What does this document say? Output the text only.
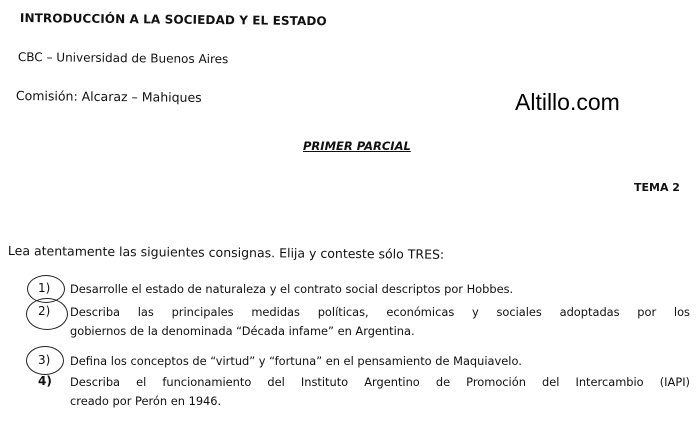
INTRODUCCIÓN A LA SOCIEDAD Y EL ESTADO
CBC – Universidad de Buenos Aires
Comisión: Alcaraz – Mahiques	Altillo.com
PRIMER PARCIAL
TEMA 2
Lea atentamente las siguientes consignas. Elija y conteste sólo TRES:
1) Desarrolle el estado de naturaleza y el contrato social descriptos por Hobbes.
2) Describa las principales medidas políticas, económicas y sociales adoptadas por los
gobiernos de la denominada “Década infame” en Argentina.
3) Defina los conceptos de “virtud” y “fortuna” en el pensamiento de Maquiavelo.
4) Describa el funcionamiento del Instituto Argentino de Promoción del Intercambio (IAPI)
creado por Perón en 1946.
